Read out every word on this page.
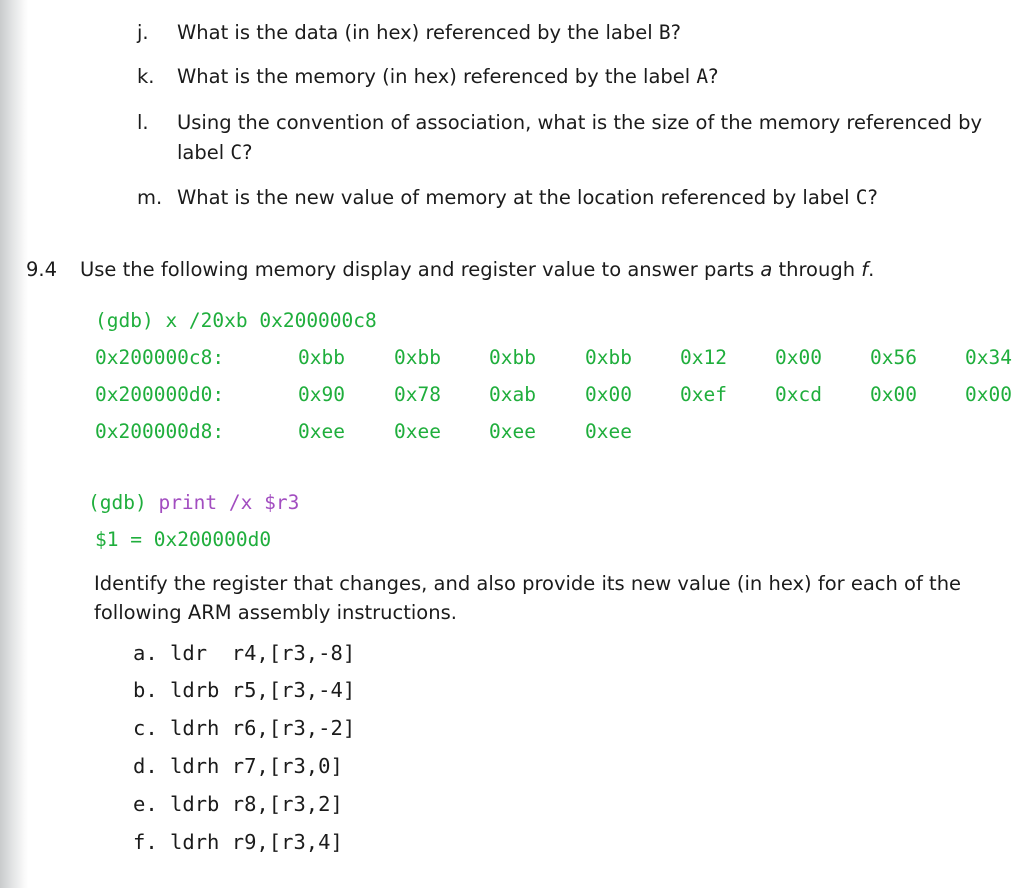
j. What is the data (in hex) referenced by the label B?
k. What is the memory (in hex) referenced by the label A?
l. Using the convention of association, what is the size of the memory referenced by
label C?
m. What is the new value of memory at the location referenced by label C?
9.4 Use the following memory display and register value to answer parts a through f.
(gdb) x /20xb 0x200000c8
0x200000c8:	0xbb	0xbb 0xbb	0xbb 0x12 0x00 0x56 0x34
0x200000d0:	0x90	0x78 0xab	0x00 0xef 0xcd 0x00 0x00
0x200000d8:	0xee	0xee 0xee	0xee
(gdb) print /x $r3
$1 = 0x200000d0
Identify the register that changes, and also provide its new value (in hex) for each of the
following ARM assembly instructions.
a. ldr  r4,[r3,-8]
b. ldrb r5,[r3,-4]
c. ldrh r6,[r3,-2]
d. ldrh r7,[r3,0]
e. ldrb r8,[r3,2]
f. ldrh r9,[r3,4]
